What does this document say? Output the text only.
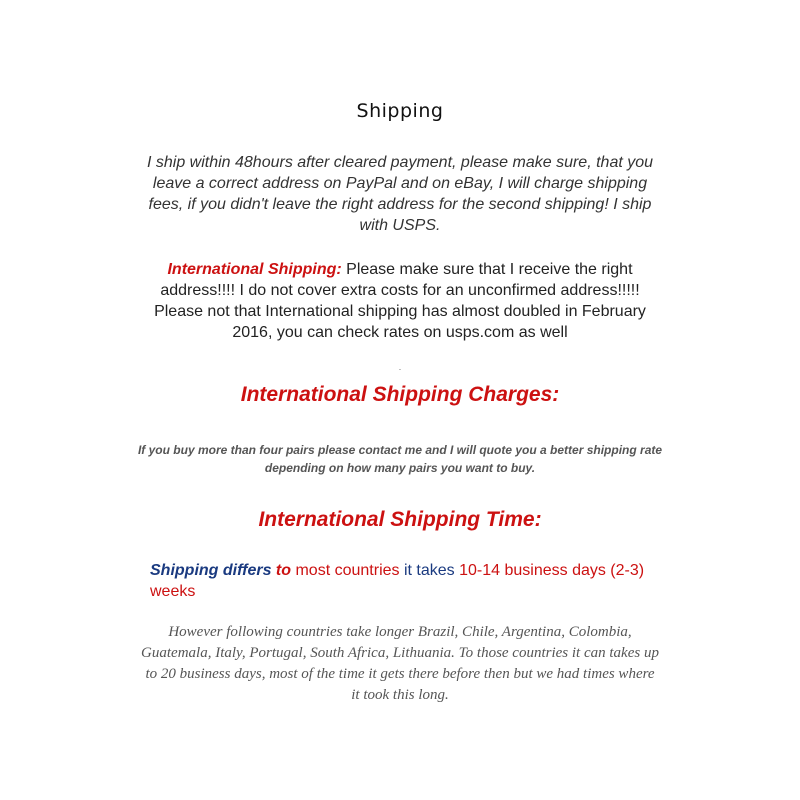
Shipping
I ship within 48hours after cleared payment, please make sure, that you leave a correct address on PayPal and on eBay, I will charge shipping fees, if you didn't leave the right address for the second shipping! I ship with USPS.
International Shipping: Please make sure that I receive the right address!!!! I do not cover extra costs for an unconfirmed address!!!!! Please not that International shipping has almost doubled in February 2016, you can check rates on usps.com as well
.
International Shipping Charges:
If you buy more than four pairs please contact me and I will quote you a better shipping rate depending on how many pairs you want to buy.
International Shipping Time:
Shipping differs to most countries it takes 10-14 business days (2-3) weeks
However following countries take longer Brazil, Chile, Argentina, Colombia, Guatemala, Italy, Portugal, South Africa, Lithuania. To those countries it can takes up to 20 business days, most of the time it gets there before then but we had times where it took this long.
